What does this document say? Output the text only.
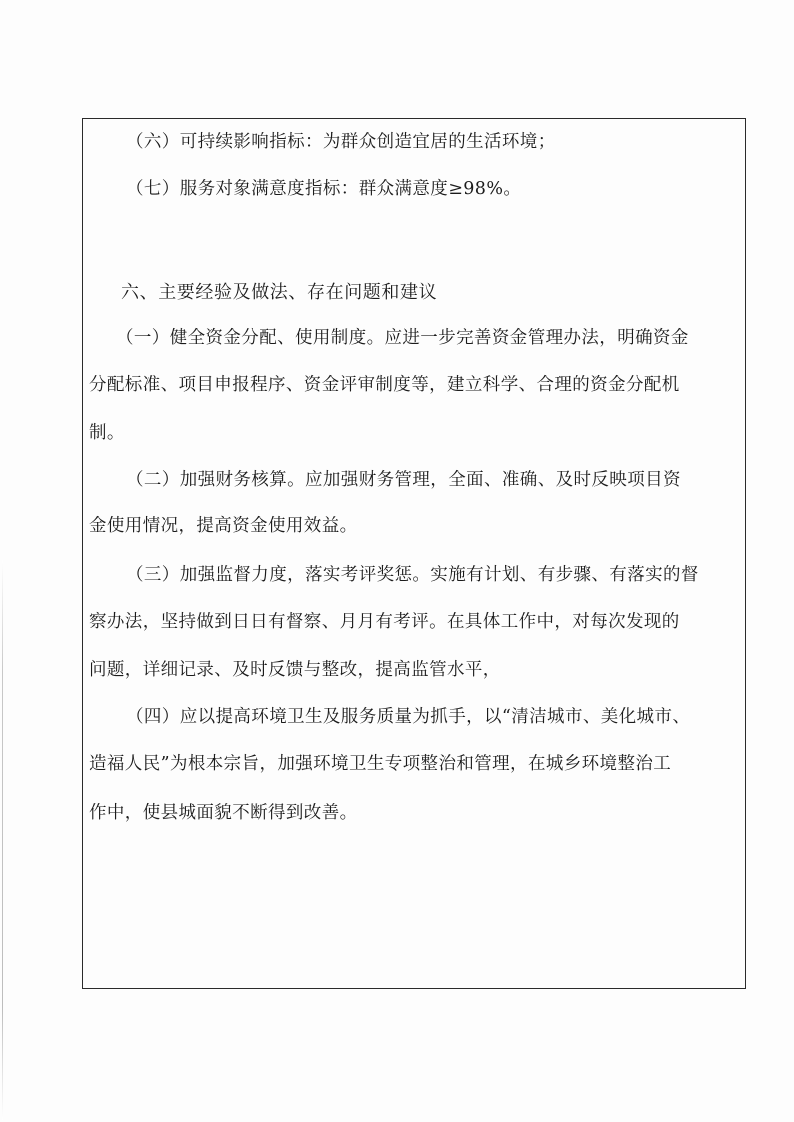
（六）可持续影响指标：为群众创造宜居的生活环境；

（七）服务对象满意度指标：群众满意度≥98%。

六、主要经验及做法、存在问题和建议

（一）健全资金分配、使用制度。应进一步完善资金管理办法，明确资金

分配标准、项目申报程序、资金评审制度等，建立科学、合理的资金分配机

制。

（二）加强财务核算。应加强财务管理，全面、准确、及时反映项目资

金使用情况，提高资金使用效益。

（三）加强监督力度，落实考评奖惩。实施有计划、有步骤、有落实的督

察办法，坚持做到日日有督察、月月有考评。在具体工作中，对每次发现的

问题，详细记录、及时反馈与整改，提高监管水平，

（四）应以提高环境卫生及服务质量为抓手，以“清洁城市、美化城市、

造福人民”为根本宗旨，加强环境卫生专项整治和管理，在城乡环境整治工

作中，使县城面貌不断得到改善。
